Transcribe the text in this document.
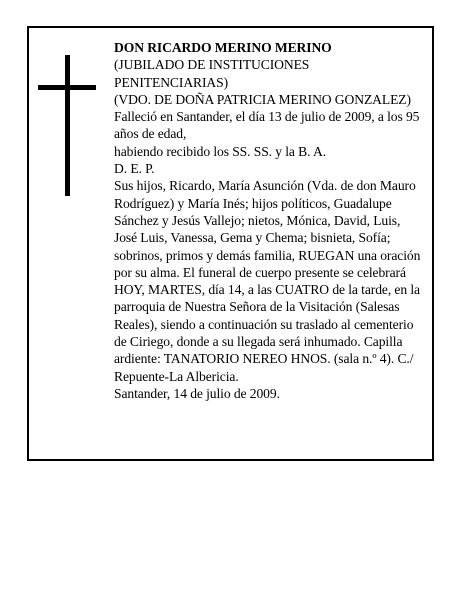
DON RICARDO MERINO MERINO

(JUBILADO DE INSTITUCIONES PENITENCIARIAS)

(VDO. DE DOÑA PATRICIA MERINO GONZALEZ)

Falleció en Santander, el día 13 de julio de 2009, a los 95 años de edad,

habiendo recibido los SS. SS. y la B. A.

D. E. P.

Sus hijos, Ricardo, María Asunción (Vda. de don Mauro Rodríguez) y María Inés; hijos políticos, Guadalupe Sánchez y Jesús Vallejo; nietos, Mónica, David, Luis, José Luis, Vanessa, Gema y Chema; bisnieta, Sofía; sobrinos, primos y demás familia, RUEGAN una oración por su alma. El funeral de cuerpo presente se celebrará HOY, MARTES, día 14, a las CUATRO de la tarde, en la parroquia de Nuestra Señora de la Visitación (Salesas Reales), siendo a continuación su traslado al cementerio de Ciriego, donde a su llegada será inhumado. Capilla ardiente: TANATORIO NEREO HNOS. (sala n.º 4). C./ Repuente-La Albericia.

Santander, 14 de julio de 2009.
